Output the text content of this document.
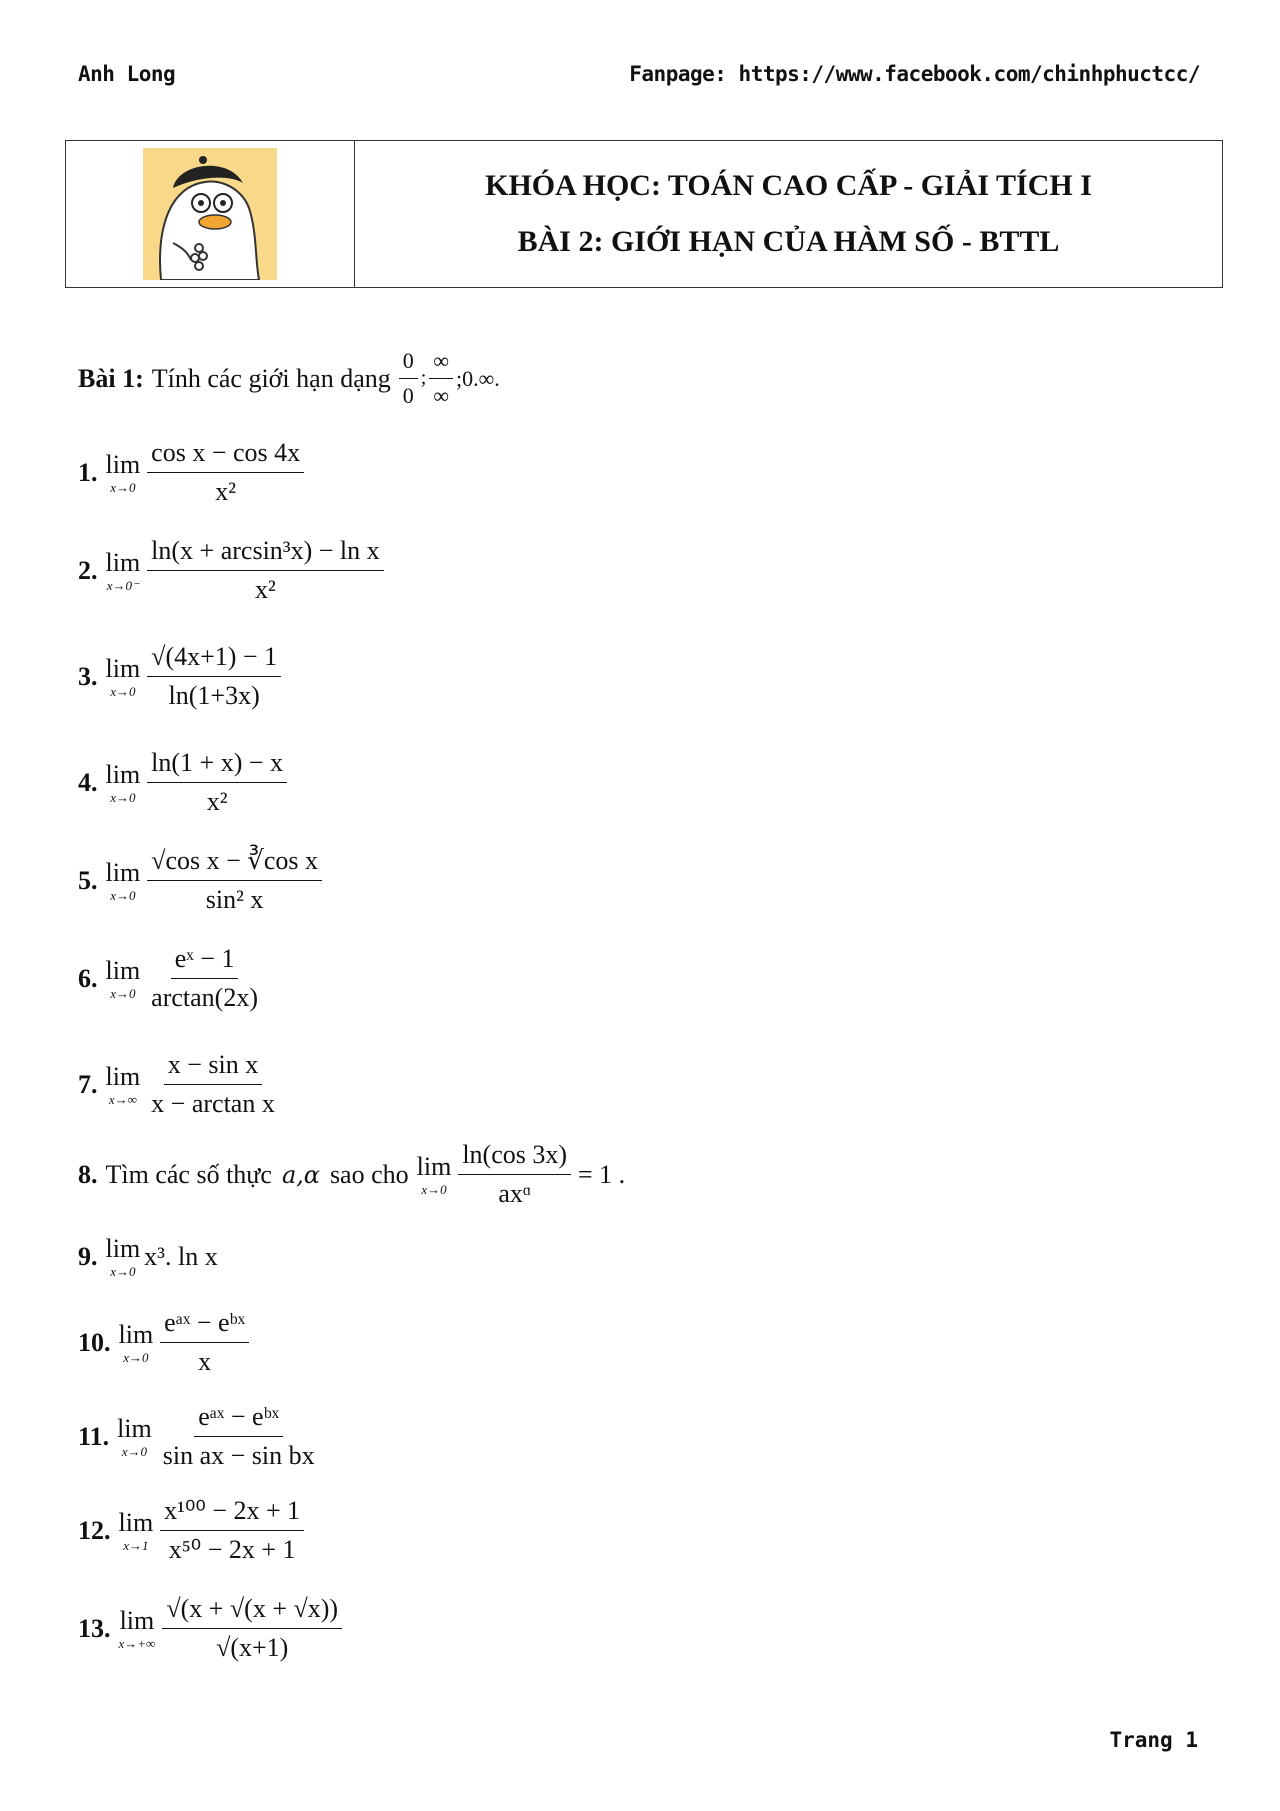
Anh Long	Fanpage: https://www.facebook.com/chinhphuctcc/
KHÓA HỌC: TOÁN CAO CẤP - GIẢI TÍCH I
BÀI 2: GIỚI HẠN CỦA HÀM SỐ - BTTL
Bài 1: Tính các giới hạn dạng $\frac{0}{0}$ ; $\frac{\infty}{\infty}$ ;0.∞.
1. lim
$x\to 0 \frac{\text{cos x − cos 4x}}{\text{x²}}$
2. lim
$x\to 0^- \frac{\text{ln(x + arcsin³x) − ln x}}{\text{x²}}$
3. lim
$x\to 0 \frac{√(4x+1) - 1}{\ln(1+3x)}$
4. lim
$x\to 0 \frac{\ln(1 + x) - x}{\text{x²}}$
5. lim
$x\to 0 \frac{\text{√cos x − ∛cos x}}{\text{sin² x}}$
6. lim
$x\to 0 \frac{\text{eˣ − 1}}{\arctan(2x)}$
7. lim
$x\to\infty \frac{\text{x − sin x}}{\text{x − arctan x}}$
8. Tìm các số thực a,α sao cho lim
$x\to 0 \frac{\ln(\cos 3x)}{\text{axᵅ}} = 1$ .
9. lim
x→0
x³. ln x
10. lim
$x\to 0 \frac{\text{eᵃˣ − eᵇˣ}}{x}$
11. lim
$x\to 0 \frac{\text{eᵃˣ − eᵇˣ}}{\text{sin ax − sin bx}}$
12. lim
$x\to 1 \frac{\text{x¹⁰⁰ − 2x + 1}}{\text{x⁵⁰ − 2x + 1}}$
13. lim
$x\to+\infty \frac{√(x + √(x + √x))}{√(x+1)}$
Trang 1
